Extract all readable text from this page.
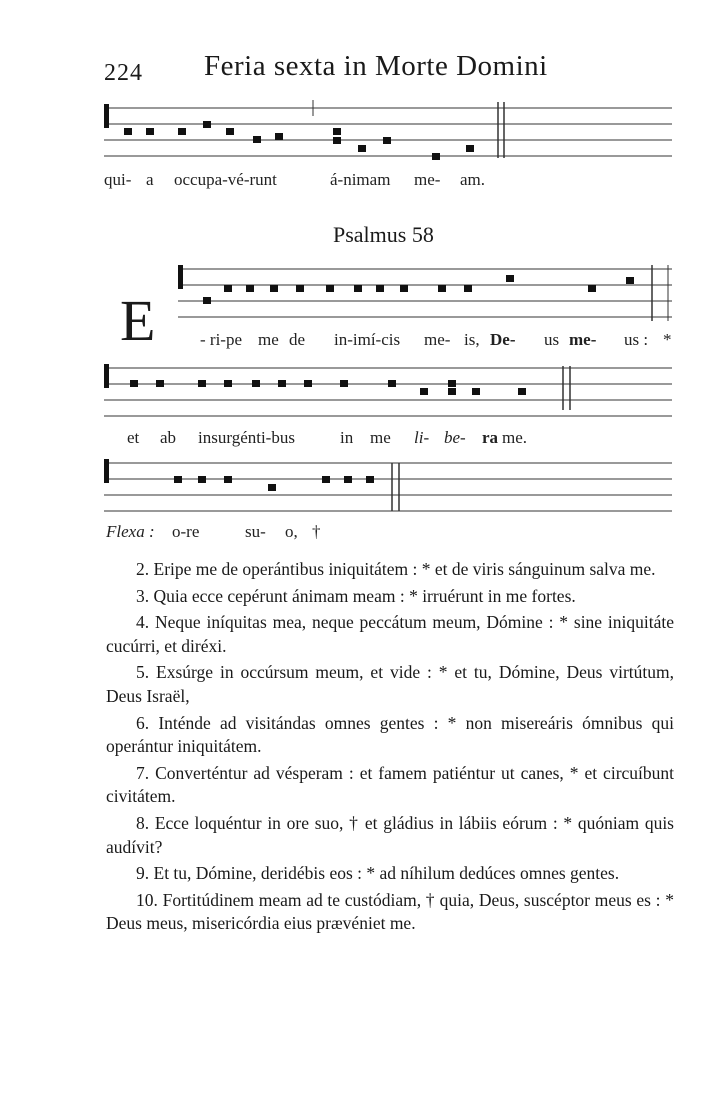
224 Feria sexta in Morte Domini
qui- a occupa-vé-runt	á-nimam me- am.
Psalmus 58
E	- ri-pe me de in-imí-cis me- is, De- us me- us : *
et ab insurgénti-bus	in me li- be- ra me.
Flexa : o-re	su- o, †

2. Eripe me de operántibus iniquitátem : * et de viris sánguinum salva me.

3. Quia ecce cepérunt ánimam meam : * irruérunt in me fortes.

4. Neque iníquitas mea, neque peccátum meum, Dómine : * sine iniquitáte cucúrri, et diréxi.

5. Exsúrge in occúrsum meum, et vide : * et tu, Dómine, Deus virtútum, Deus Israël,

6. Inténde ad visitándas omnes gentes : * non misereáris ómnibus qui operántur iniquitátem.

7. Converténtur ad vésperam : et famem patiéntur ut canes, * et circuíbunt civitátem.

8. Ecce loquéntur in ore suo, † et gládius in lábiis eórum : * quóniam quis audívit?

9. Et tu, Dómine, deridébis eos : * ad níhilum dedúces omnes gentes.

10. Fortitúdinem meam ad te custódiam, † quia, Deus, suscéptor meus es : * Deus meus, misericórdia eius prævéniet me.
